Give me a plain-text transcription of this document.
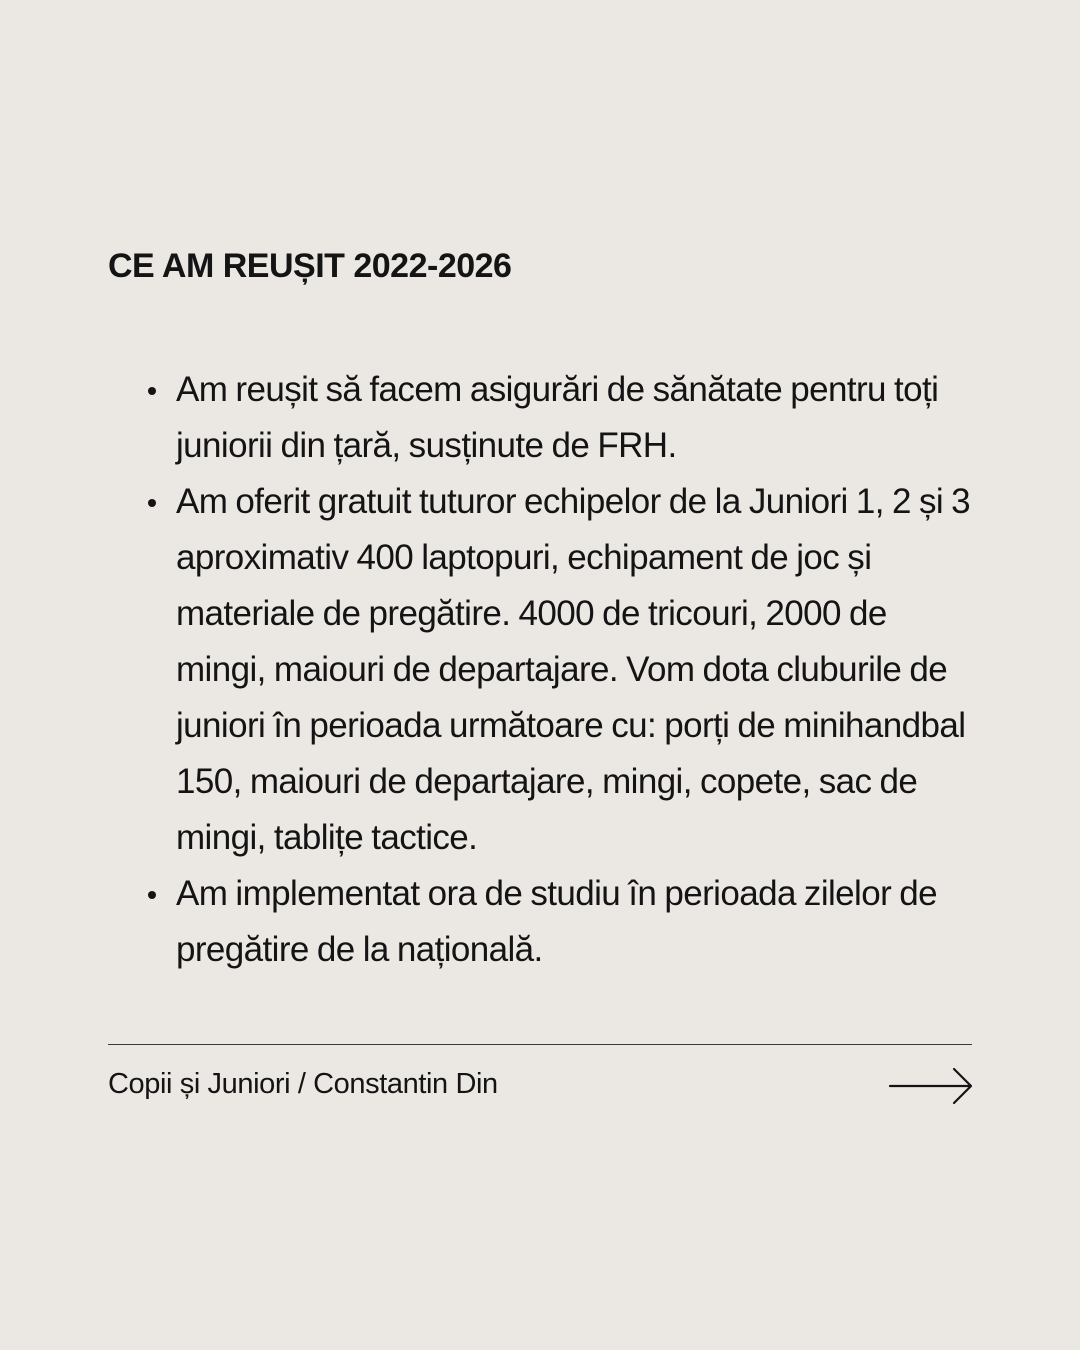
CE AM REUȘIT 2022-2026
Am reușit să facem asigurări de sănătate pentru toți juniorii din țară, susținute de FRH.
Am oferit gratuit tuturor echipelor de la Juniori 1, 2 și 3 aproximativ 400 laptopuri, echipament de joc și materiale de pregătire. 4000 de tricouri, 2000 de mingi, maiouri de departajare. Vom dota cluburile de juniori în perioada următoare cu: porți de minihandbal 150, maiouri de departajare, mingi, copete, sac de mingi, tablițe tactice.
Am implementat ora de studiu în perioada zilelor de pregătire de la națională.
Copii și Juniori / Constantin Din
